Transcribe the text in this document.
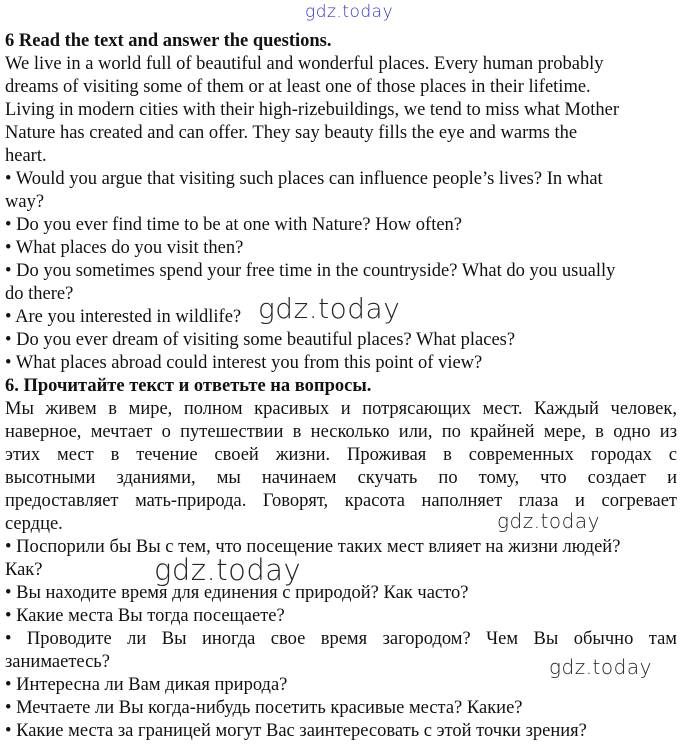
gdz.today
6 Read the text and answer the questions.
We live in a world full of beautiful and wonderful places. Every human probably
dreams of visiting some of them or at least one of those places in their lifetime.
Living in modern cities with their high-rizebuildings, we tend to miss what Mother
Nature has created and can offer. They say beauty fills the eye and warms the
heart.
• Would you argue that visiting such places can influence people’s lives? In what
way?
• Do you ever find time to be at one with Nature? How often?
• What places do you visit then?
• Do you sometimes spend your free time in the countryside? What do you usually
do there?
• Are you interested in wildlife?
• Do you ever dream of visiting some beautiful places? What places?
• What places abroad could interest you from this point of view?
6. Прочитайте текст и ответьте на вопросы.
Мы живем в мире, полном красивых и потрясающих мест. Каждый человек,
наверное, мечтает о путешествии в несколько или, по крайней мере, в одно из
этих мест в течение своей жизни. Проживая в современных городах с
высотными зданиями, мы начинаем скучать по тому, что создает и
предоставляет мать-природа. Говорят, красота наполняет глаза и согревает
сердце.
• Поспорили бы Вы с тем, что посещение таких мест влияет на жизни людей?
Как?
• Вы находите время для единения с природой? Как часто?
• Какие места Вы тогда посещаете?
• Проводите ли Вы иногда свое время загородом? Чем Вы обычно там
занимаетесь?
• Интересна ли Вам дикая природа?
• Мечтаете ли Вы когда-нибудь посетить красивые места? Какие?
• Какие места за границей могут Вас заинтересовать с этой точки зрения?
gdz.today
gdz.today
gdz.today
gdz.today
